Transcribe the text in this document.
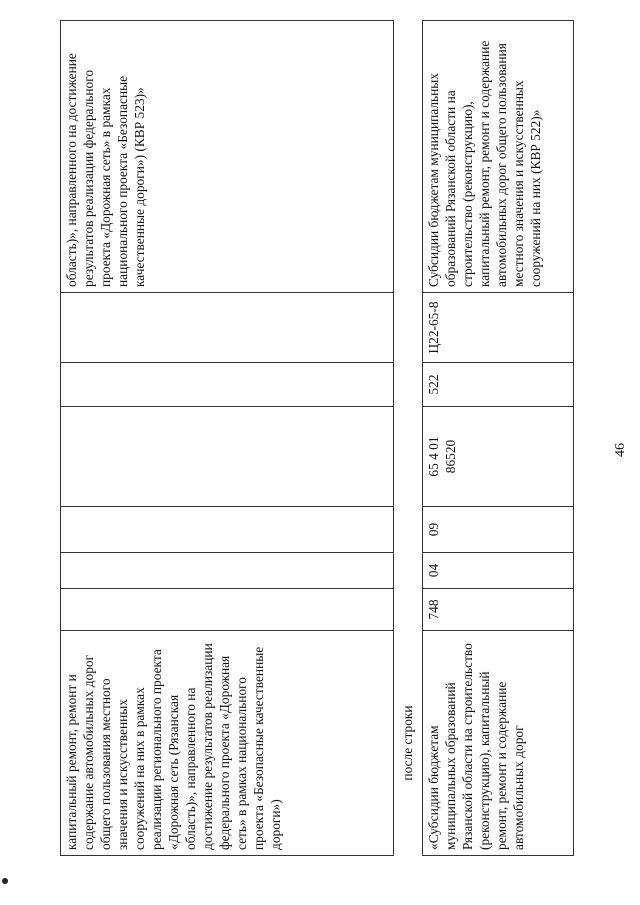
46
капитальный ремонт, ремонт и содержание автомобильных дорог общего пользования местного значения и искусственных сооружений на них в рамках реализации регионального проекта «Дорожная сеть (Рязанская область)», направленного на достижение результатов реализации федерального проекта «Дорожная сеть» в рамках национального проекта «Безопасные качественные дороги»)
область)», направленного на достижение результатов реализации федерального проекта «Дорожная сеть» в рамках национального проекта «Безопасные качественные дороги») (КВР 523)»
после строки «Субсидии бюджетам муниципальных образований Рязанской области на строительство (реконструкцию), капитальный ремонт, ремонт и содержание автомобильных дорог
748
04
09
65 4 01 86520
522
Ц22-65-8
Субсидии бюджетам муниципальных образований Рязанской области на строительство (реконструкцию), капитальный ремонт, ремонт и содержание автомобильных дорог общего пользования местного значения и искусственных сооружений на них (КВР 522)»
